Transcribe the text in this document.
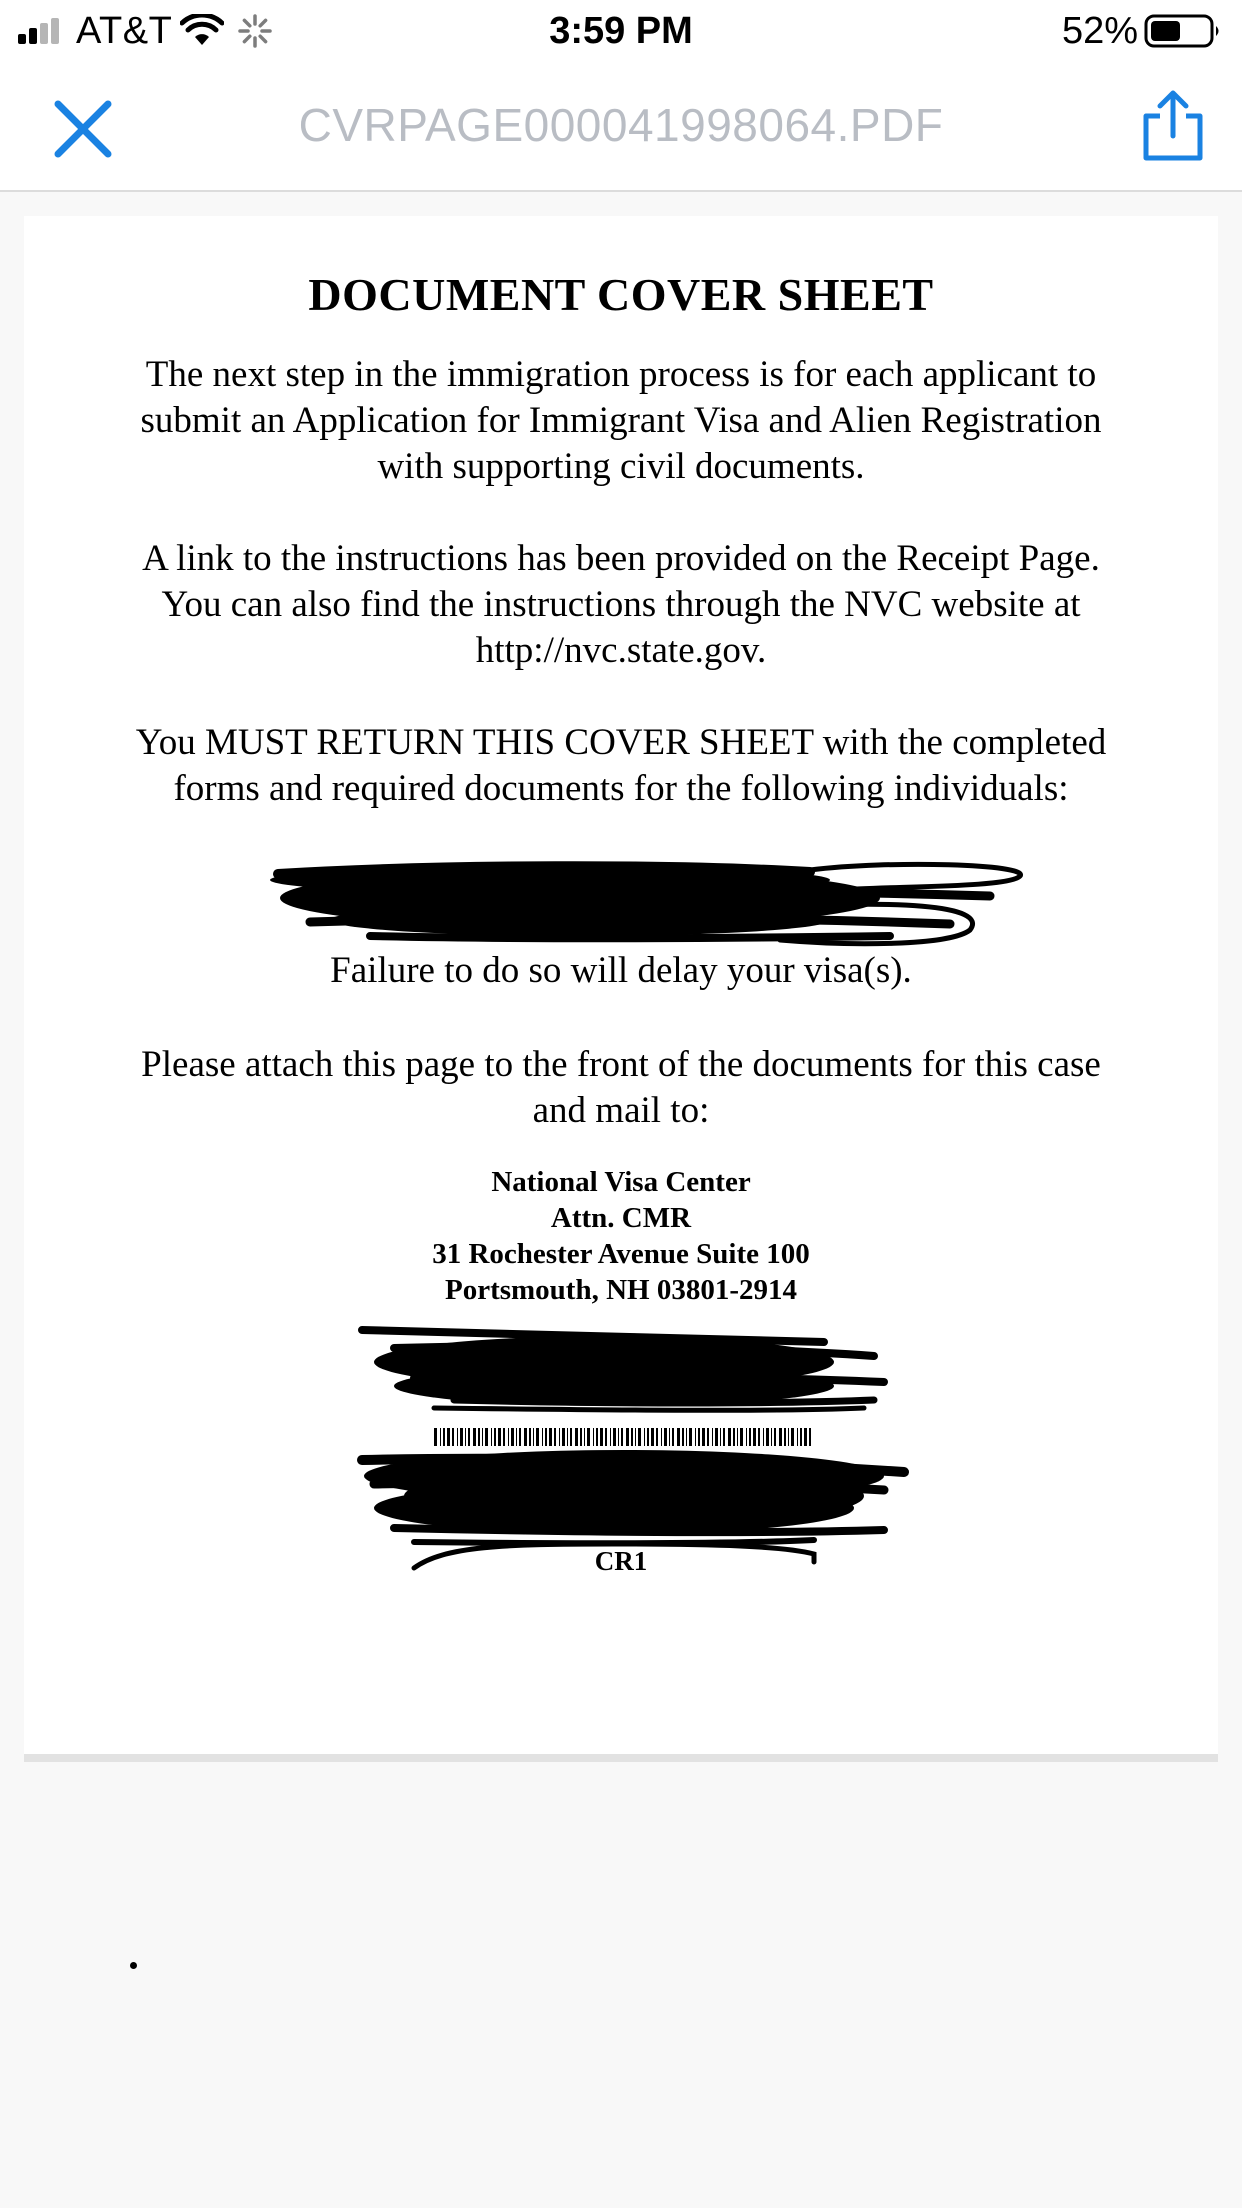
AT&T	3:59 PM	52%
CVRPAGE000041998064.PDF
DOCUMENT COVER SHEET
The next step in the immigration process is for each applicant to submit an Application for Immigrant Visa and Alien Registration with supporting civil documents.
A link to the instructions has been provided on the Receipt Page. You can also find the instructions through the NVC website at http://nvc.state.gov.
You MUST RETURN THIS COVER SHEET with the completed forms and required documents for the following individuals:
Failure to do so will delay your visa(s).
Please attach this page to the front of the documents for this case and mail to:
National Visa Center
Attn. CMR
31 Rochester Avenue Suite 100
Portsmouth, NH 03801-2914
CR1
